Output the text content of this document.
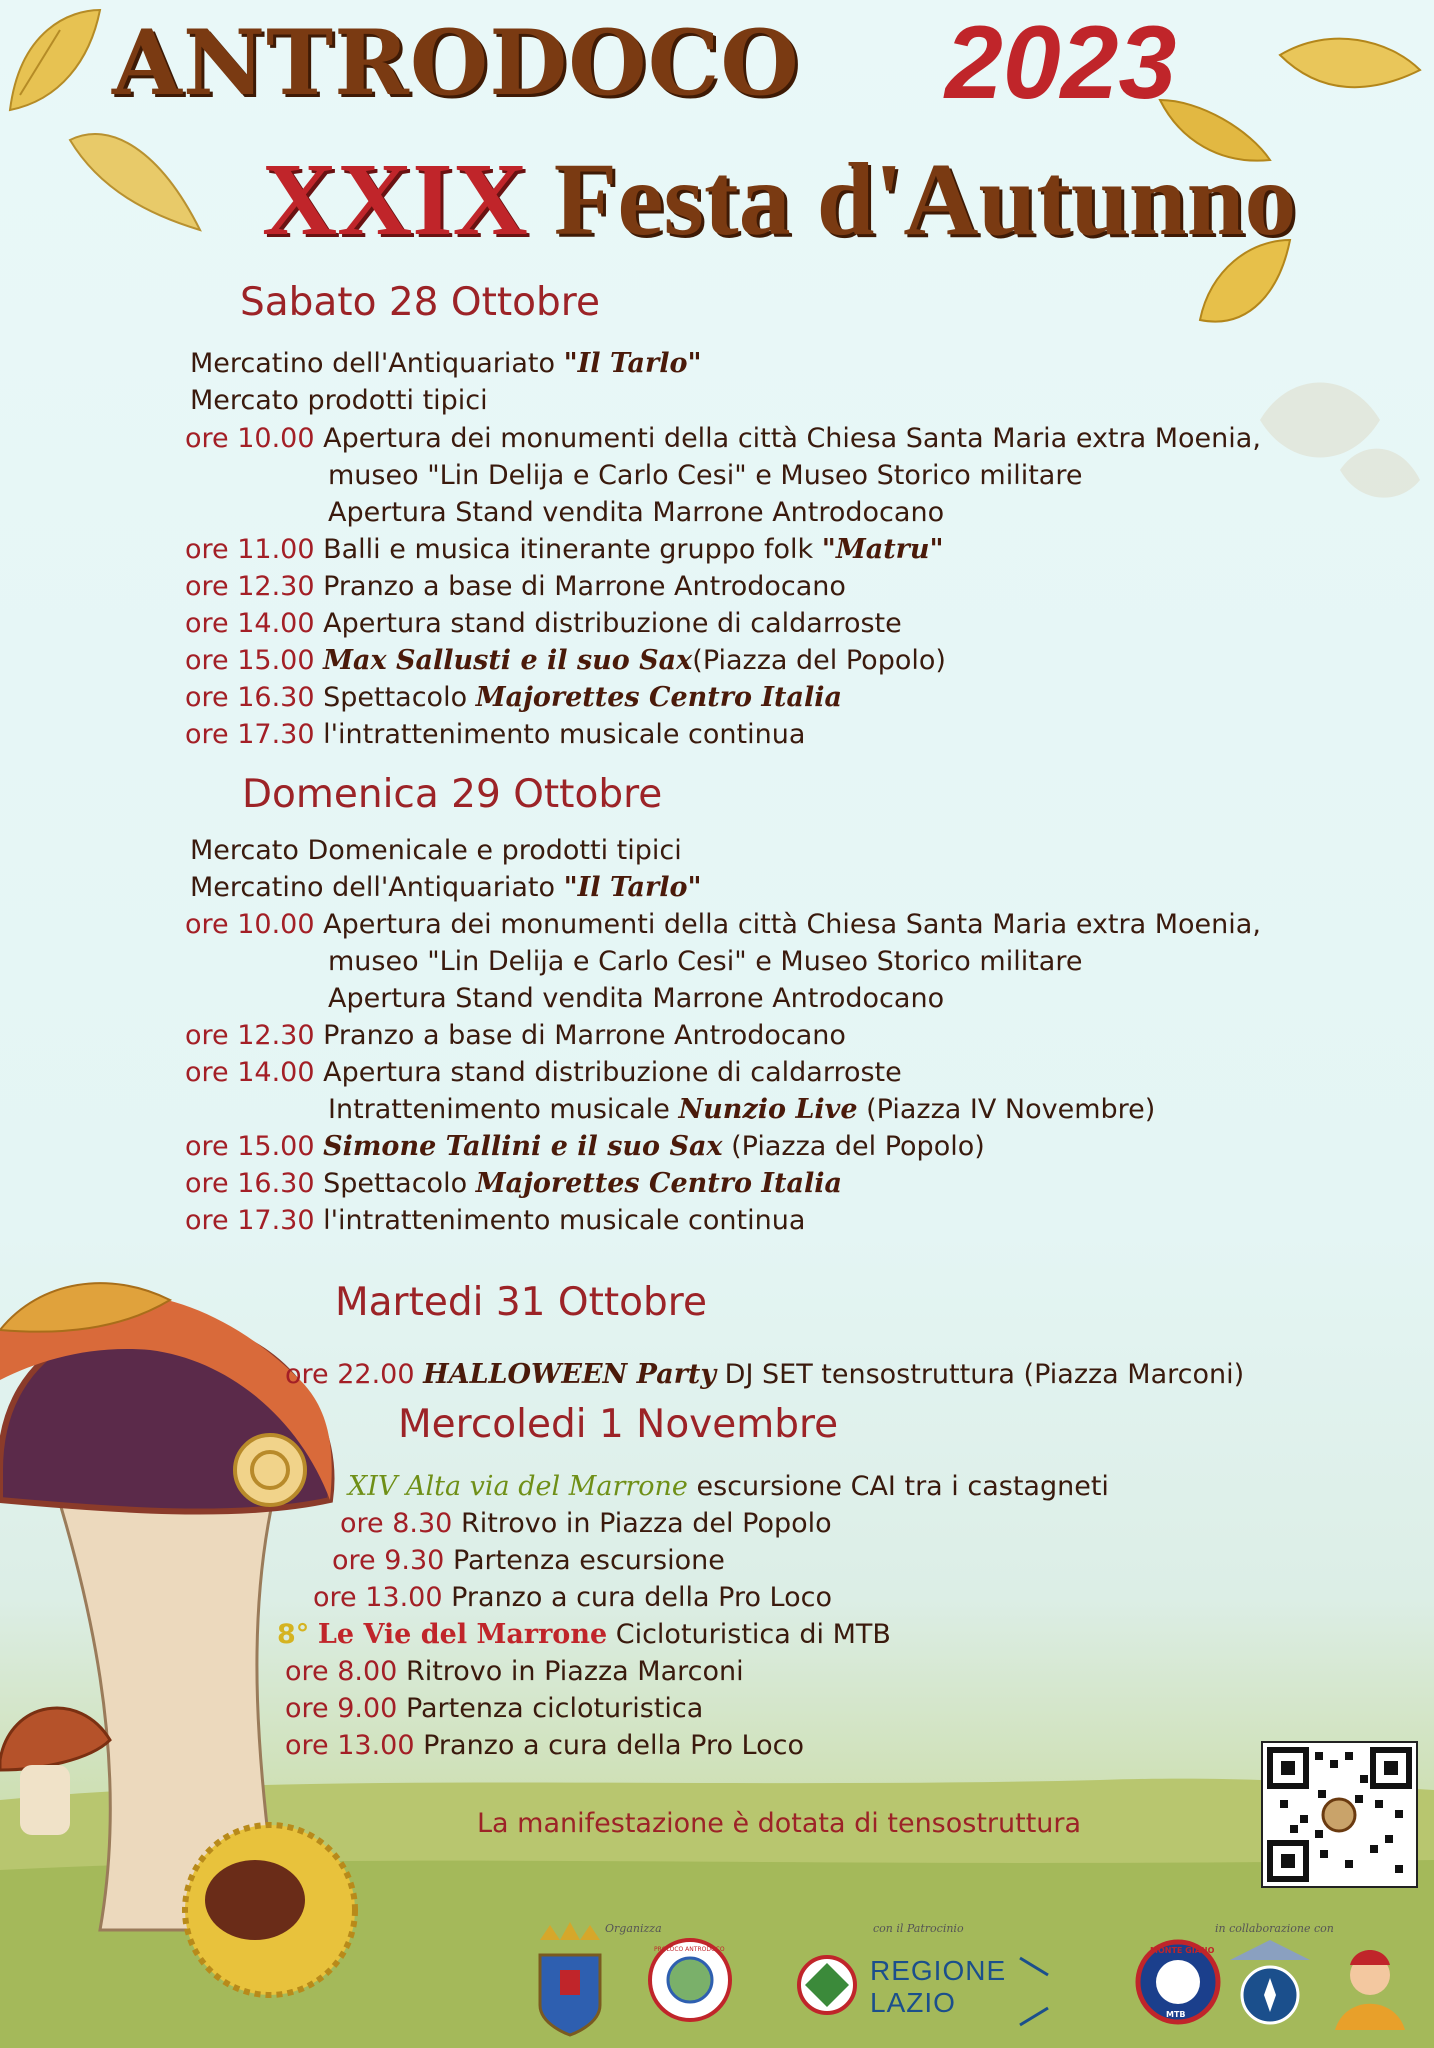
ANTRODOCO 2023
XXIX Festa d'Autunno
Sabato 28 Ottobre
Mercatino dell'Antiquariato "Il Tarlo"
Mercato prodotti tipici
ore 10.00 Apertura dei monumenti della città Chiesa Santa Maria extra Moenia,
museo "Lin Delija e Carlo Cesi" e Museo Storico militare
Apertura Stand vendita Marrone Antrodocano
ore 11.00 Balli e musica itinerante gruppo folk "Matru"
ore 12.30 Pranzo a base di Marrone Antrodocano
ore 14.00 Apertura stand distribuzione di caldarroste
ore 15.00 Max Sallusti e il suo Sax(Piazza del Popolo)
ore 16.30 Spettacolo Majorettes Centro Italia
ore 17.30 l'intrattenimento musicale continua
Domenica 29 Ottobre
Mercato Domenicale e prodotti tipici
Mercatino dell'Antiquariato "Il Tarlo"
ore 10.00 Apertura dei monumenti della città Chiesa Santa Maria extra Moenia,
museo "Lin Delija e Carlo Cesi" e Museo Storico militare
Apertura Stand vendita Marrone Antrodocano
ore 12.30 Pranzo a base di Marrone Antrodocano
ore 14.00 Apertura stand distribuzione di caldarroste
Intrattenimento musicale Nunzio Live (Piazza IV Novembre)
ore 15.00 Simone Tallini e il suo Sax (Piazza del Popolo)
ore 16.30 Spettacolo Majorettes Centro Italia
ore 17.30 l'intrattenimento musicale continua
Martedi 31 Ottobre
ore 22.00 HALLOWEEN Party DJ SET tensostruttura (Piazza Marconi)
Mercoledi 1 Novembre
XIV Alta via del Marrone escursione CAI tra i castagneti
ore 8.30 Ritrovo in Piazza del Popolo
ore 9.30 Partenza escursione
ore 13.00 Pranzo a cura della Pro Loco
8° Le Vie del Marrone Cicloturistica di MTB
ore 8.00 Ritrovo in Piazza Marconi
ore 9.00 Partenza cicloturistica
ore 13.00 Pranzo a cura della Pro Loco
La manifestazione è dotata di tensostruttura
Organizza	con il Patrocinio	in collaborazione con
REGIONE
LAZIO
MONTE GIANO
MTB
PROLOCO ANTRODOCO
